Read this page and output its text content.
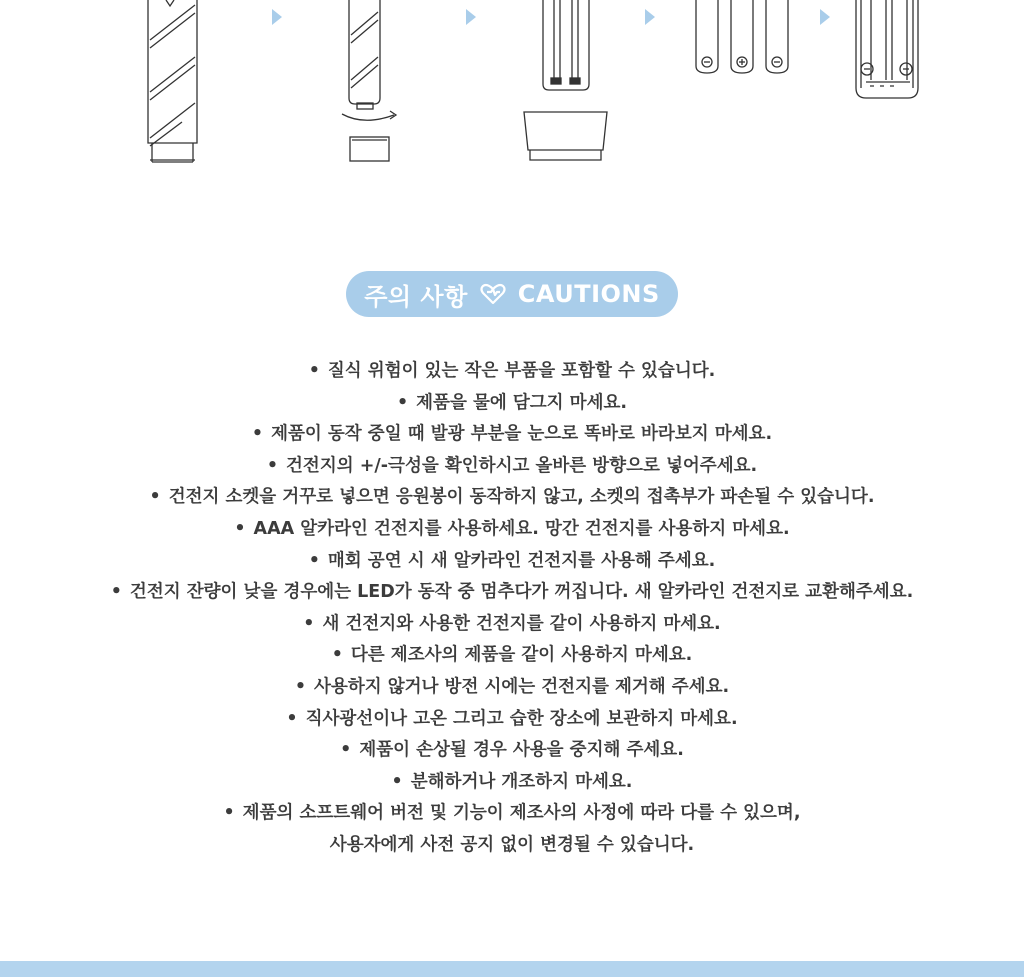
주의 사항 CAUTIONS
• 질식 위험이 있는 작은 부품을 포함할 수 있습니다.
• 제품을 물에 담그지 마세요.
• 제품이 동작 중일 때 발광 부분을 눈으로 똑바로 바라보지 마세요.
• 건전지의 +/-극성을 확인하시고 올바른 방향으로 넣어주세요.
• 건전지 소켓을 거꾸로 넣으면 응원봉이 동작하지 않고, 소켓의 접촉부가 파손될 수 있습니다.
• AAA 알카라인 건전지를 사용하세요. 망간 건전지를 사용하지 마세요.
• 매회 공연 시 새 알카라인 건전지를 사용해 주세요.
• 건전지 잔량이 낮을 경우에는 LED가 동작 중 멈추다가 꺼집니다. 새 알카라인 건전지로 교환해주세요.
• 새 건전지와 사용한 건전지를 같이 사용하지 마세요.
• 다른 제조사의 제품을 같이 사용하지 마세요.
• 사용하지 않거나 방전 시에는 건전지를 제거해 주세요.
• 직사광선이나 고온 그리고 습한 장소에 보관하지 마세요.
• 제품이 손상될 경우 사용을 중지해 주세요.
• 분해하거나 개조하지 마세요.
• 제품의 소프트웨어 버전 및 기능이 제조사의 사정에 따라 다를 수 있으며,
사용자에게 사전 공지 없이 변경될 수 있습니다.
